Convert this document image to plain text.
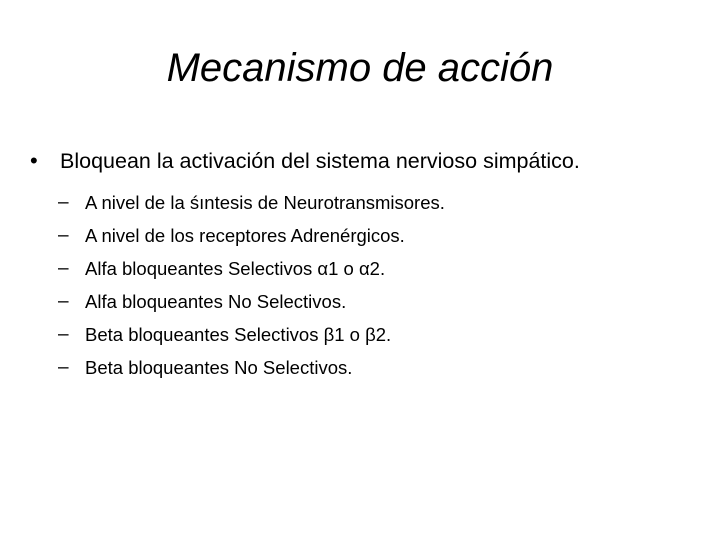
Mecanismo de acción
•	Bloquean la activación del sistema nervioso simpático.
– A nivel de la śıntesis de Neurotransmisores.
– A nivel de los receptores Adrenérgicos.
– Alfa bloqueantes Selectivos α1 o α2.
– Alfa bloqueantes No Selectivos.
– Beta bloqueantes Selectivos β1 o β2.
– Beta bloqueantes No Selectivos.
